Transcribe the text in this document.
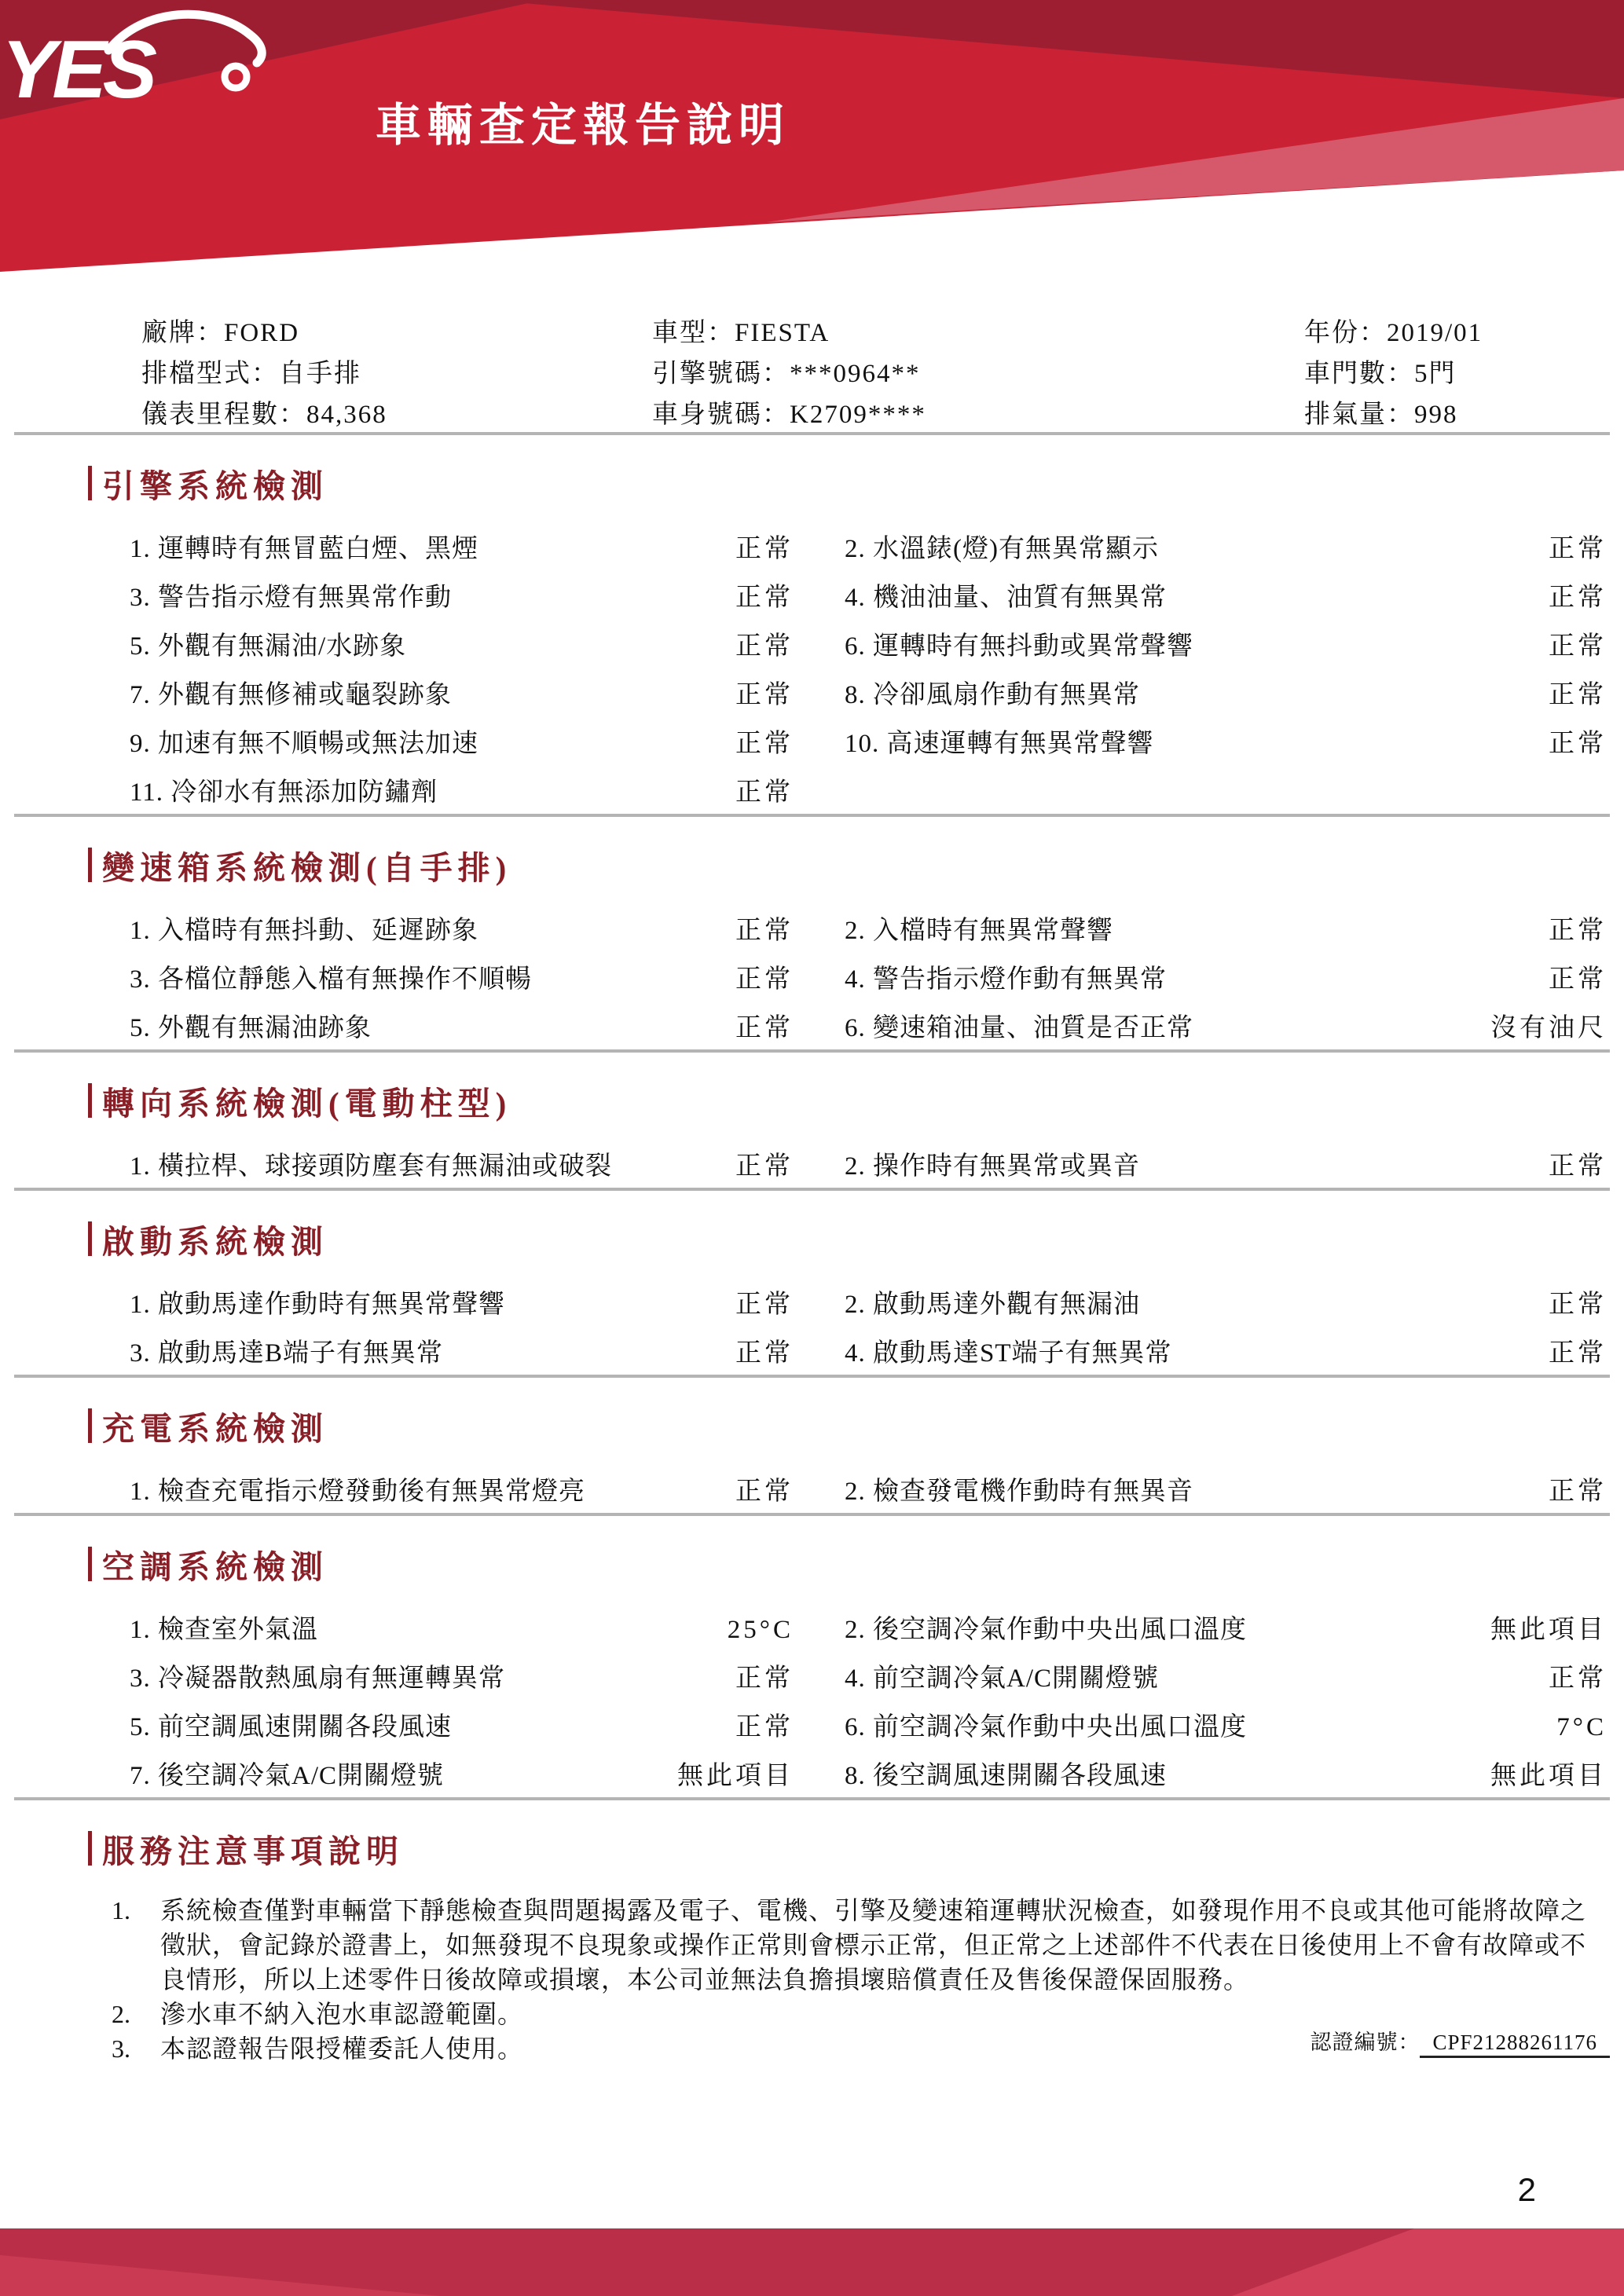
YES
車輛查定報告說明
廠牌：FORD	車型：FIESTA	年份：2019/01
排檔型式：自手排	引擎號碼：***0964**	車門數：5門
儀表里程數：84,368	車身號碼：K2709****	排氣量：998
引擎系統檢測
1. 運轉時有無冒藍白煙、黑煙	正常 2. 水溫錶(燈)有無異常顯示	正常
3. 警告指示燈有無異常作動	正常 4. 機油油量、油質有無異常	正常
5. 外觀有無漏油/水跡象	正常 6. 運轉時有無抖動或異常聲響	正常
7. 外觀有無修補或龜裂跡象	正常 8. 冷卻風扇作動有無異常	正常
9. 加速有無不順暢或無法加速	正常 10. 高速運轉有無異常聲響	正常
11. 冷卻水有無添加防鏽劑	正常
變速箱系統檢測(自手排)
1. 入檔時有無抖動、延遲跡象	正常 2. 入檔時有無異常聲響	正常
3. 各檔位靜態入檔有無操作不順暢	正常 4. 警告指示燈作動有無異常	正常
5. 外觀有無漏油跡象	正常 6. 變速箱油量、油質是否正常	沒有油尺
轉向系統檢測(電動柱型)
1. 橫拉桿、球接頭防塵套有無漏油或破裂	正常 2. 操作時有無異常或異音	正常
啟動系統檢測
1. 啟動馬達作動時有無異常聲響	正常 2. 啟動馬達外觀有無漏油	正常
3. 啟動馬達B端子有無異常	正常 4. 啟動馬達ST端子有無異常	正常
充電系統檢測
1. 檢查充電指示燈發動後有無異常燈亮	正常 2. 檢查發電機作動時有無異音	正常
空調系統檢測
1. 檢查室外氣溫	25°C 2. 後空調冷氣作動中央出風口溫度	無此項目
3. 冷凝器散熱風扇有無運轉異常	正常 4. 前空調冷氣A/C開關燈號	正常
5. 前空調風速開關各段風速	正常 6. 前空調冷氣作動中央出風口溫度	7°C
7. 後空調冷氣A/C開關燈號	無此項目 8. 後空調風速開關各段風速	無此項目
服務注意事項說明
1.	系統檢查僅對車輛當下靜態檢查與問題揭露及電子、電機、引擎及變速箱運轉狀況檢查，如發現作用不良或其他可能將故障之徵狀，會記錄於證書上，如無發現不良現象或操作正常則會標示正常，但正常之上述部件不代表在日後使用上不會有故障或不良情形，所以上述零件日後故障或損壞，本公司並無法負擔損壞賠償責任及售後保證保固服務。
2.	滲水車不納入泡水車認證範圍。
3.	本認證報告限授權委託人使用。	認證編號： CPF21288261176
2
